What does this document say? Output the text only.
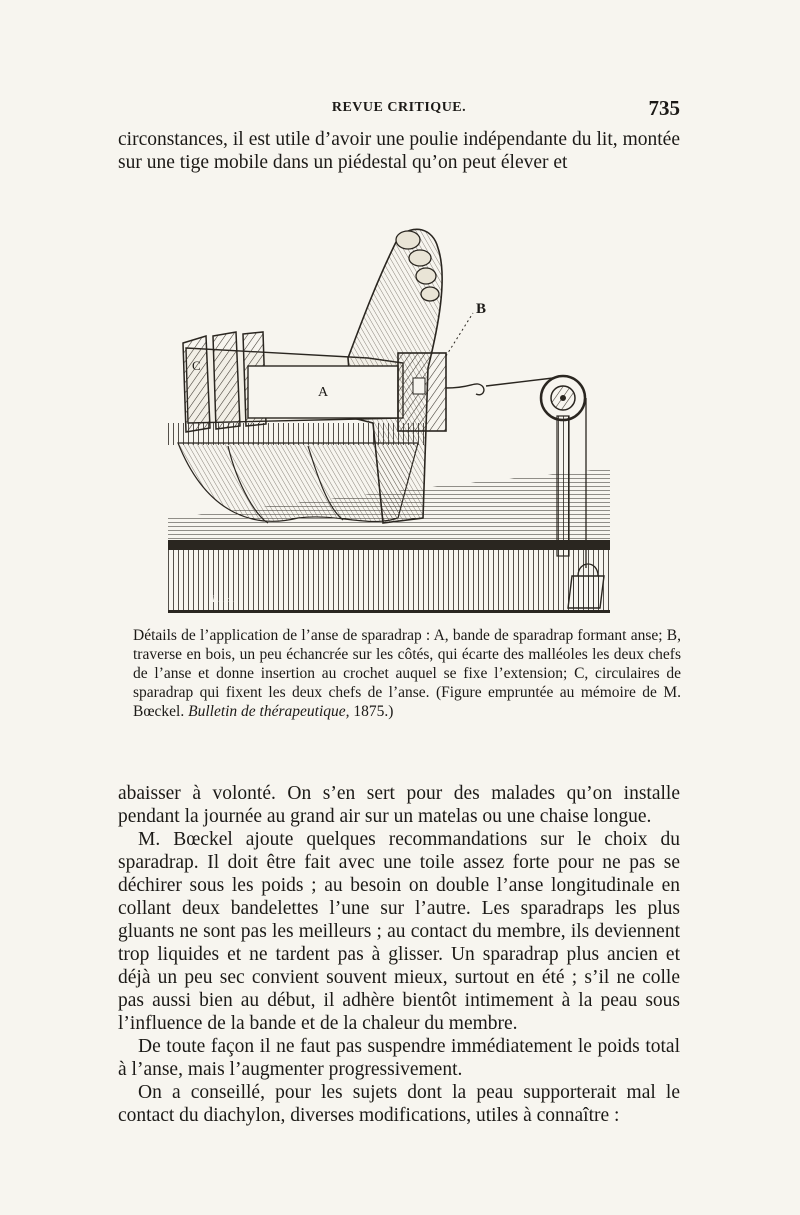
REVUE CRITIQUE.	735
circonstances, il est utile d’avoir une poulie indépendante du lit, montée sur une tige mobile dans un piédestal qu’on peut élever et
A
B
C
L. H.
Détails de l’application de l’anse de sparadrap : A, bande de sparadrap formant anse; B, traverse en bois, un peu échancrée sur les côtés, qui écarte des malléoles les deux chefs de l’anse et donne insertion au crochet auquel se fixe l’extension; C, circulaires de sparadrap qui fixent les deux chefs de l’anse. (Figure empruntée au mémoire de M. Bœckel. Bulletin de thérapeutique, 1875.)

abaisser à volonté. On s’en sert pour des malades qu’on installe pendant la journée au grand air sur un matelas ou une chaise longue.

M. Bœckel ajoute quelques recommandations sur le choix du sparadrap. Il doit être fait avec une toile assez forte pour ne pas se déchirer sous les poids ; au besoin on double l’anse longitudinale en collant deux bandelettes l’une sur l’autre. Les sparadraps les plus gluants ne sont pas les meilleurs ; au contact du membre, ils deviennent trop liquides et ne tardent pas à glisser. Un sparadrap plus ancien et déjà un peu sec convient souvent mieux, surtout en été ; s’il ne colle pas aussi bien au début, il adhère bientôt intimement à la peau sous l’influence de la bande et de la chaleur du membre.

De toute façon il ne faut pas suspendre immédiatement le poids total à l’anse, mais l’augmenter progressivement.

On a conseillé, pour les sujets dont la peau supporterait mal le contact du diachylon, diverses modifications, utiles à connaître :
